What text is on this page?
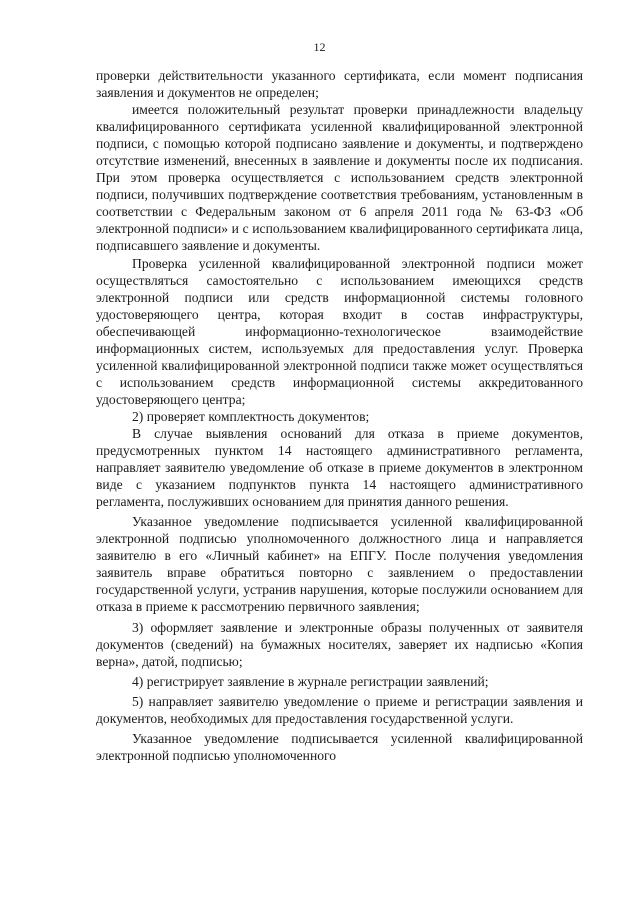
12

проверки действительности указанного сертификата, если момент подписания заявления и документов не определен;

имеется положительный результат проверки принадлежности владельцу квалифицированного сертификата усиленной квалифицированной электронной подписи, с помощью которой подписано заявление и документы, и подтверждено отсутствие изменений, внесенных в заявление и документы после их подписания. При этом проверка осуществляется с использованием средств электронной подписи, получивших подтверждение соответствия требованиям, установленным в соответствии с Федеральным законом от 6 апреля 2011 года № 63-ФЗ «Об электронной подписи» и с использованием квалифицированного сертификата лица, подписавшего заявление и документы.

Проверка усиленной квалифицированной электронной подписи может осуществляться самостоятельно с использованием имеющихся средств электронной подписи или средств информационной системы головного удостоверяющего центра, которая входит в состав инфраструктуры, обеспечивающей информационно-технологическое взаимодействие информационных систем, используемых для предоставления услуг. Проверка усиленной квалифицированной электронной подписи также может осуществляться с использованием средств информационной системы аккредитованного удостоверяющего центра;

2) проверяет комплектность документов;

В случае выявления оснований для отказа в приеме документов, предусмотренных пунктом 14 настоящего административного регламента, направляет заявителю уведомление об отказе в приеме документов в электронном виде с указанием подпунктов пункта 14 настоящего административного регламента, послуживших основанием для принятия данного решения.

Указанное уведомление подписывается усиленной квалифицированной электронной подписью уполномоченного должностного лица и направляется заявителю в его «Личный кабинет» на ЕПГУ. После получения уведомления заявитель вправе обратиться повторно с заявлением о предоставлении государственной услуги, устранив нарушения, которые послужили основанием для отказа в приеме к рассмотрению первичного заявления;

3) оформляет заявление и электронные образы полученных от заявителя документов (сведений) на бумажных носителях, заверяет их надписью «Копия верна», датой, подписью;

4) регистрирует заявление в журнале регистрации заявлений;

5) направляет заявителю уведомление о приеме и регистрации заявления и документов, необходимых для предоставления государственной услуги.

Указанное уведомление подписывается усиленной квалифицированной электронной подписью уполномоченного
